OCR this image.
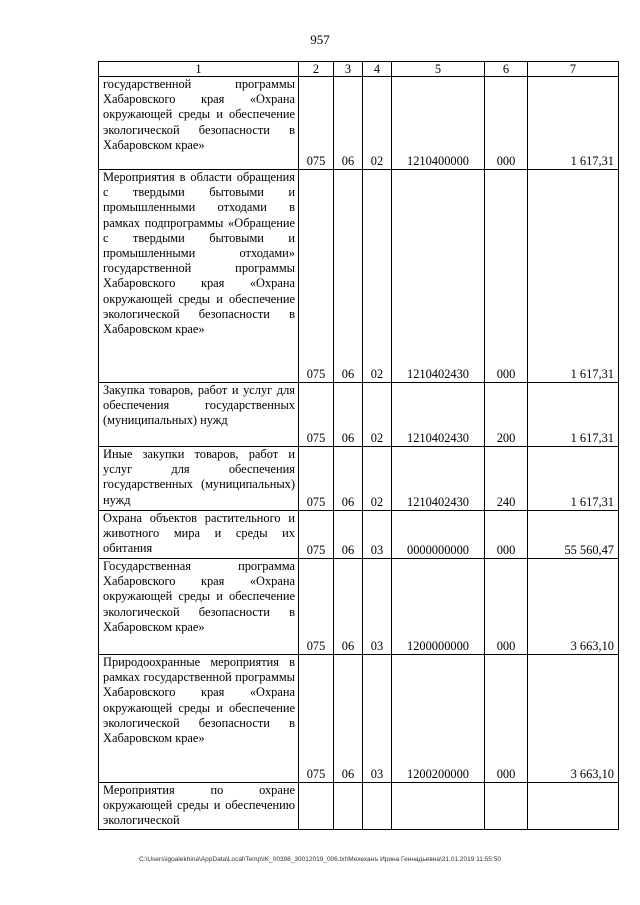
957
1	2	3	4	5	6	7
государственной программы Хабаровского края «Охрана окружающей среды и обеспечение экологической безопасности в Хабаровском крае»	075	06	02	1210400000	000	1 617,31
Мероприятия в области обращения с твердыми бытовыми и промышленными отходами в рамках подпрограммы «Обращение с твердыми бытовыми и промышленными отходами» государственной программы Хабаровского края «Охрана окружающей среды и обеспечение экологической безопасности в Хабаровском крае»	075	06	02	1210402430	000	1 617,31
Закупка товаров, работ и услуг для обеспечения государственных (муниципальных) нужд	075	06	02	1210402430	200	1 617,31
Иные закупки товаров, работ и услуг для обеспечения государственных (муниципальных) нужд	075	06	02	1210402430	240	1 617,31
Охрана объектов растительного и животного мира и среды их обитания	075	06	03	0000000000	000	55 560,47
Государственная программа Хабаровского края «Охрана окружающей среды и обеспечение экологической безопасности в Хабаровском крае»	075	06	03	1200000000	000	3 663,10
Природоохранные мероприятия в рамках государственной программы Хабаровского края «Охрана окружающей среды и обеспечение экологической безопасности в Хабаровском крае»	075	06	03	1200200000	000	3 663,10
Мероприятия по охране окружающей среды и обеспечению экологической						
C:\Users\igoalekhina\AppData\Local\Temp\IK_00398_30012019_006.txt\Мехеханъ Ирина Геннадьевна\31.01.2019 11:55:50
